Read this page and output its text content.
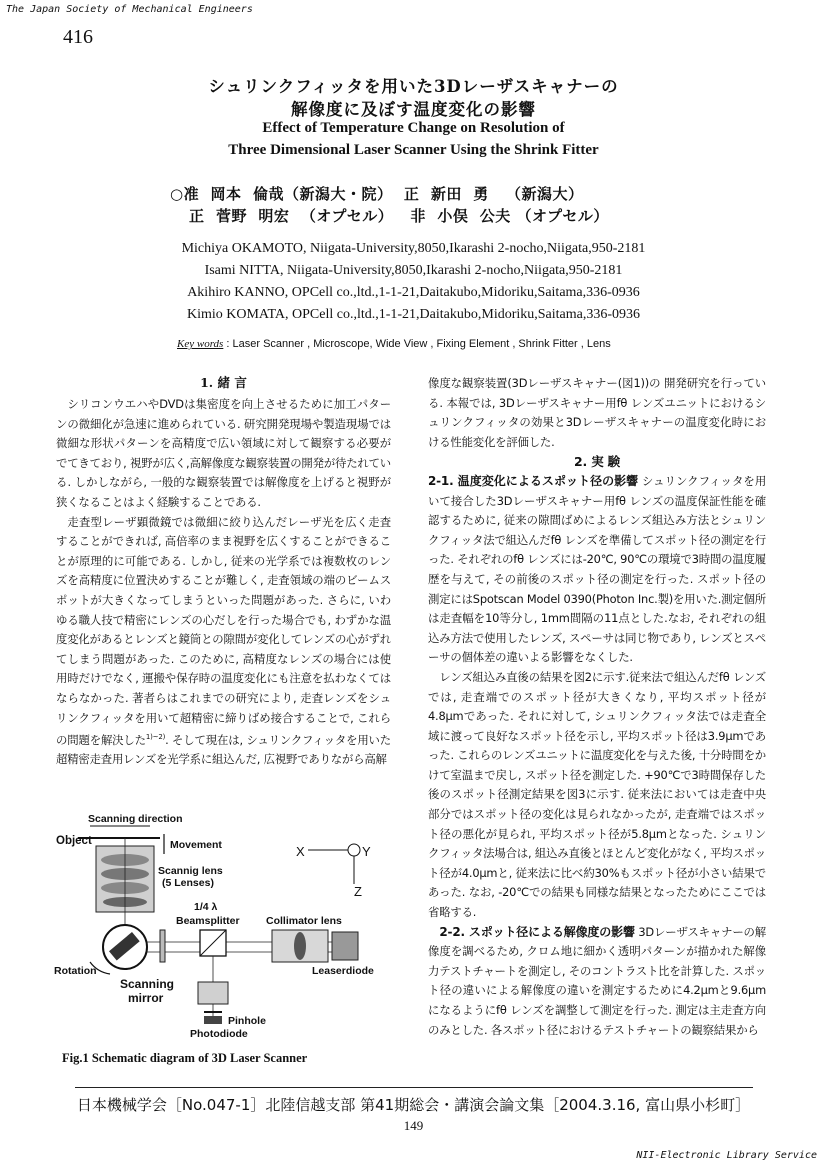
The Japan Society of Mechanical Engineers
416
シュリンクフィッタを用いた3Dレーザスキャナーの
解像度に及ぼす温度変化の影響
Effect of Temperature Change on Resolution of
Three Dimensional Laser Scanner Using the Shrink Fitter
○准  岡本  倫哉（新潟大・院）  正  新田  勇   （新潟大）
正  菅野  明宏  （オプセル）   非  小俣  公夫 （オプセル）
Michiya OKAMOTO, Niigata-University,8050,Ikarashi 2-nocho,Niigata,950-2181
Isami NITTA, Niigata-University,8050,Ikarashi 2-nocho,Niigata,950-2181
Akihiro KANNO, OPCell co.,ltd.,1-1-21,Daitakubo,Midoriku,Saitama,336-0936
Kimio KOMATA, OPCell co.,ltd.,1-1-21,Daitakubo,Midoriku,Saitama,336-0936
Key words : Laser Scanner , Microscope, Wide View , Fixing Element , Shrink Fitter , Lens
1. 緒 言

シリコンウエハやDVDは集密度を向上させるために加工パターンの微細化が急速に進められている. 研究開発現場や製造現場では微細な形状パターンを高精度で広い領域に対して観察する必要がでてきており, 視野が広く,高解像度な観察装置の開発が待たれている. しかしながら, 一般的な観察装置では解像度を上げると視野が狭くなることはよく経験することである.

走査型レーザ顕微鏡では微細に絞り込んだレーザ光を広く走査することができれば, 高倍率のまま視野を広くすることができることが原理的に可能である. しかし, 従来の光学系では複数枚のレンズを高精度に位置決めすることが難しく, 走査領域の端のビームスポットが大きくなってしまうといった問題があった. さらに, いわゆる職人技で精密にレンズの心だしを行った場合でも, わずかな温度変化があるとレンズと鏡筒との隙間が変化してレンズの心がずれてしまう問題があった. このために, 高精度なレンズの場合には使用時だけでなく, 運搬や保存時の温度変化にも注意を払わなくてはならなかった. 著者らはこれまでの研究により, 走査レンズをシュリンクフィッタを用いて超精密に締りばめ接合することで, これらの問題を解決した$^{1)\sim 2)}$. そして現在は, シュリンクフィッタを用いた超精密走査用レンズを光学系に組込んだ, 広視野でありながら高解

Scanning direction
Object	Movement
Scannig lens
(5 Lenses)
1/4 λ
Beamsplitter	Collimator lens
Rotation
Scanning
mirror
Leaserdiode
Pinhole
Photodiode
X	Y
Z
Fig.1 Schematic diagram of 3D Laser Scanner

像度な観察装置(3Dレーザスキャナー(図1))の 開発研究を行っている. 本報では, 3Dレーザスキャナー用fθ レンズユニットにおけるシュリンクフィッタの効果と3Dレーザスキャナーの温度変化時における性能変化を評価した.

2. 実 験

2-1. 温度変化によるスポット径の影響 シュリンクフィッタを用いて接合した3Dレーザスキャナー用fθ レンズの温度保証性能を確認するために, 従来の隙間ばめによるレンズ組込み方法とシュリンクフィッタ法で組込んだfθ レンズを準備してスポット径の測定を行った. それぞれのfθ レンズには-20℃, 90℃の環境で3時間の温度履歴を与えて, その前後のスポット径の測定を行った. スポット径の測定にはSpotscan Model 0390(Photon Inc.製)を用いた.測定個所は走査幅を10等分し, 1mm間隔の11点とした.なお, それぞれの組込み方法で使用したレンズ, スペーサは同じ物であり, レンズとスペーサの個体差の違いよる影響をなくした.

レンズ組込み直後の結果を図2に示す.従来法で組込んだfθ レンズでは, 走査端でのスポット径が大きくなり, 平均スポット径が4.8μmであった. それに対して, シュリンクフィッタ法では走査全域に渡って良好なスポット径を示し, 平均スポット径は3.9μmであった. これらのレンズユニットに温度変化を与えた後, 十分時間をかけて室温まで戻し, スポット径を測定した. +90℃で3時間保存した後のスポット径測定結果を図3に示す. 従来法においては走査中央部分ではスポット径の変化は見られなかったが, 走査端ではスポット径の悪化が見られ, 平均スポット径が5.8μmとなった. シュリンクフィッタ法場合は, 組込み直後とほとんど変化がなく, 平均スポット径が4.0μmと, 従来法に比べ約30%もスポット径が小さい結果であった. なお, -20℃での結果も同様な結果となったためにここでは省略する.

2-2. スポット径による解像度の影響 3Dレーザスキャナーの解像度を調べるため, クロム地に細かく透明パターンが描かれた解像力テストチャートを測定し, そのコントラスト比を計算した. スポット径の違いによる解像度の違いを測定するために4.2μmと9.6μmになるようにfθ レンズを調整して測定を行った. 測定は主走査方向のみとした. 各スポット径におけるテストチャートの観察結果から

日本機械学会［No.047-1］北陸信越支部 第41期総会・講演会論文集［2004.3.16, 富山県小杉町］
149
NII-Electronic Library Service
